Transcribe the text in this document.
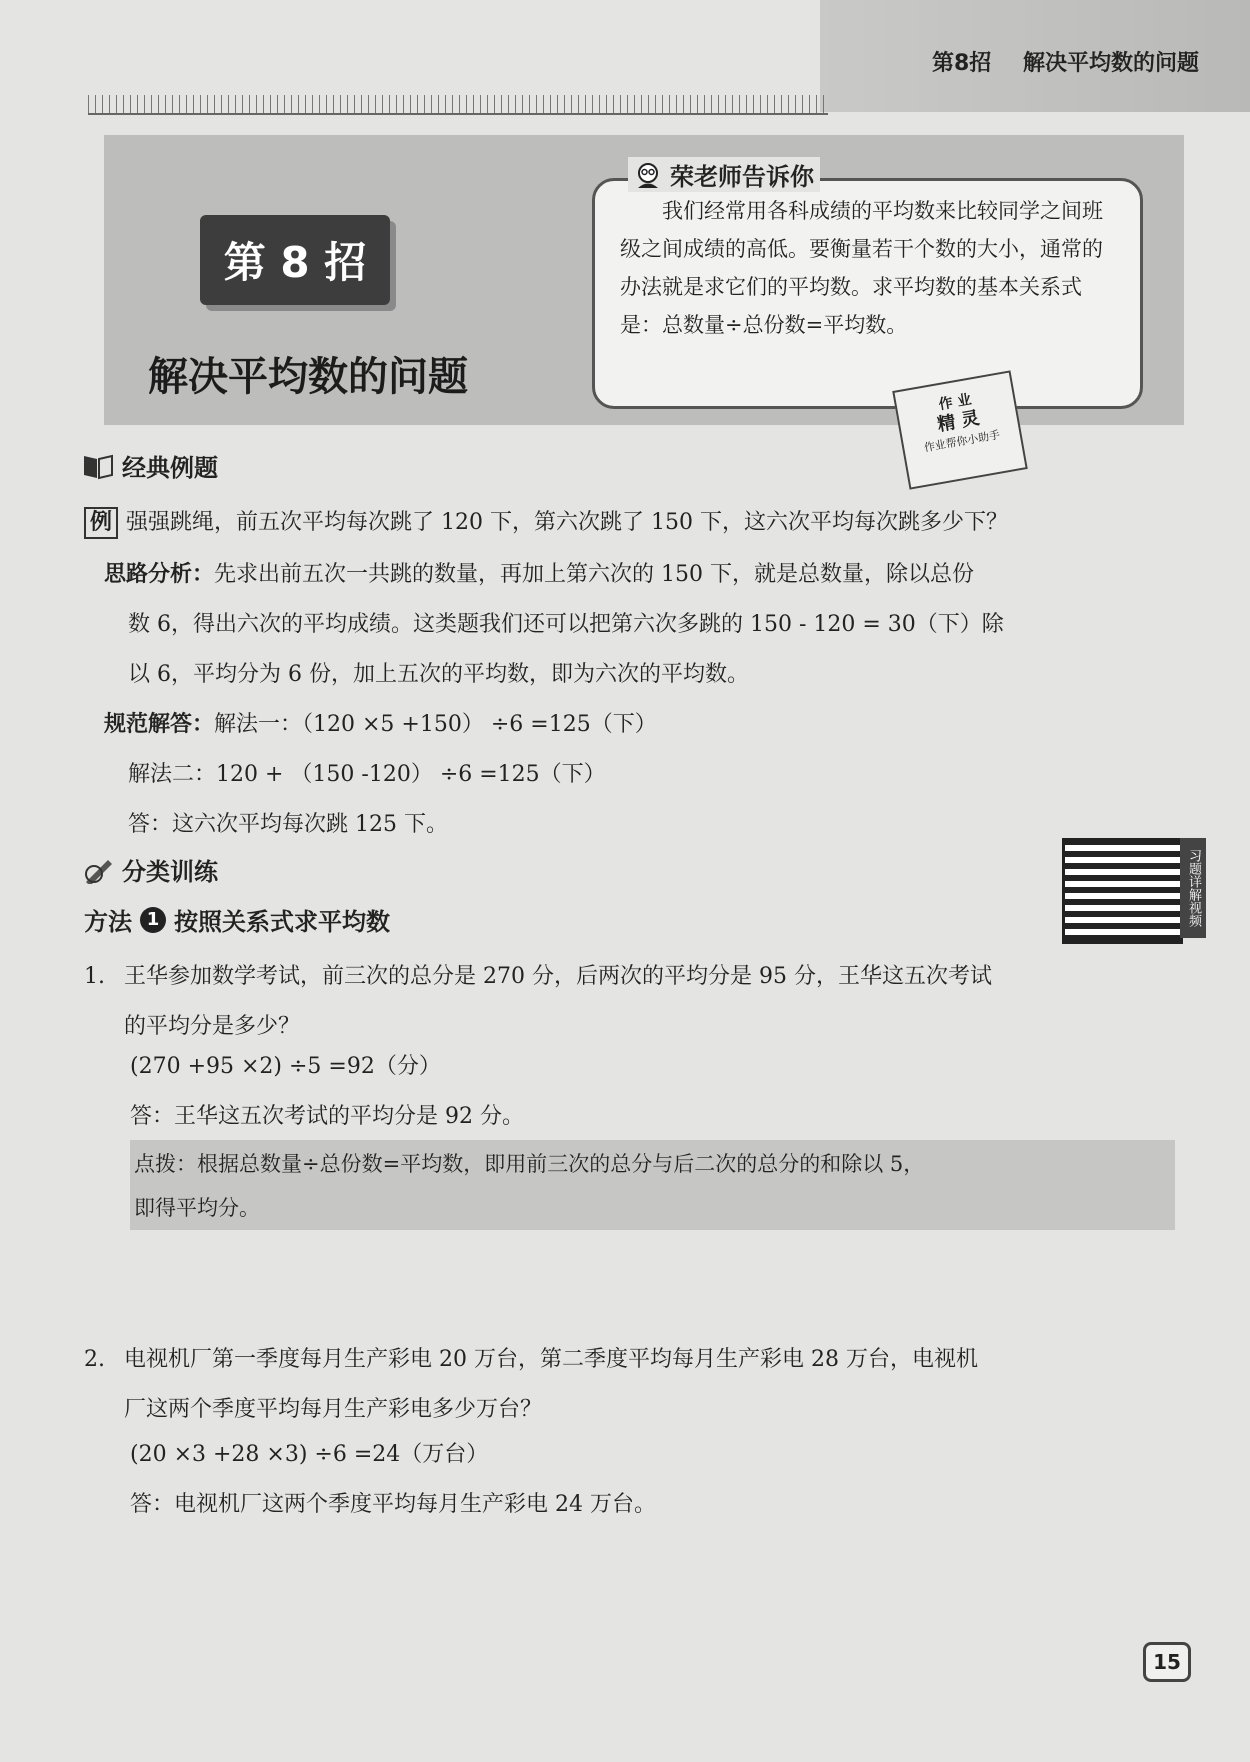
第8招 解决平均数的问题
第 8 招
解决平均数的问题
荣老师告诉你
我们经常用各科成绩的平均数来比较同学之间班级之间成绩的高低。要衡量若干个数的大小，通常的办法就是求它们的平均数。求平均数的基本关系式是：总数量÷总份数=平均数。
作 业
精 灵
作业帮你小助手
经典例题
例 强强跳绳，前五次平均每次跳了 120 下，第六次跳了 150 下，这六次平均每次跳多少下？
思路分析：先求出前五次一共跳的数量，再加上第六次的 150 下，就是总数量，除以总份
数 6，得出六次的平均成绩。这类题我们还可以把第六次多跳的 150 - 120 = 30（下）除
以 6，平均分为 6 份，加上五次的平均数，即为六次的平均数。
规范解答：解法一：（120 ×5 +150） ÷6 =125（下）
解法二：120 + （150 -120） ÷6 =125（下）
答：这六次平均每次跳 125 下。
分类训练
方法 1 按照关系式求平均数	习题详解视频
1. 王华参加数学考试，前三次的总分是 270 分，后两次的平均分是 95 分，王华这五次考试
的平均分是多少？
(270 +95 ×2) ÷5 =92（分）
答：王华这五次考试的平均分是 92 分。
点拨：根据总数量÷总份数=平均数，即用前三次的总分与后二次的总分的和除以 5，
即得平均分。
2. 电视机厂第一季度每月生产彩电 20 万台，第二季度平均每月生产彩电 28 万台，电视机
厂这两个季度平均每月生产彩电多少万台？
(20 ×3 +28 ×3) ÷6 =24（万台）
答：电视机厂这两个季度平均每月生产彩电 24 万台。
15
